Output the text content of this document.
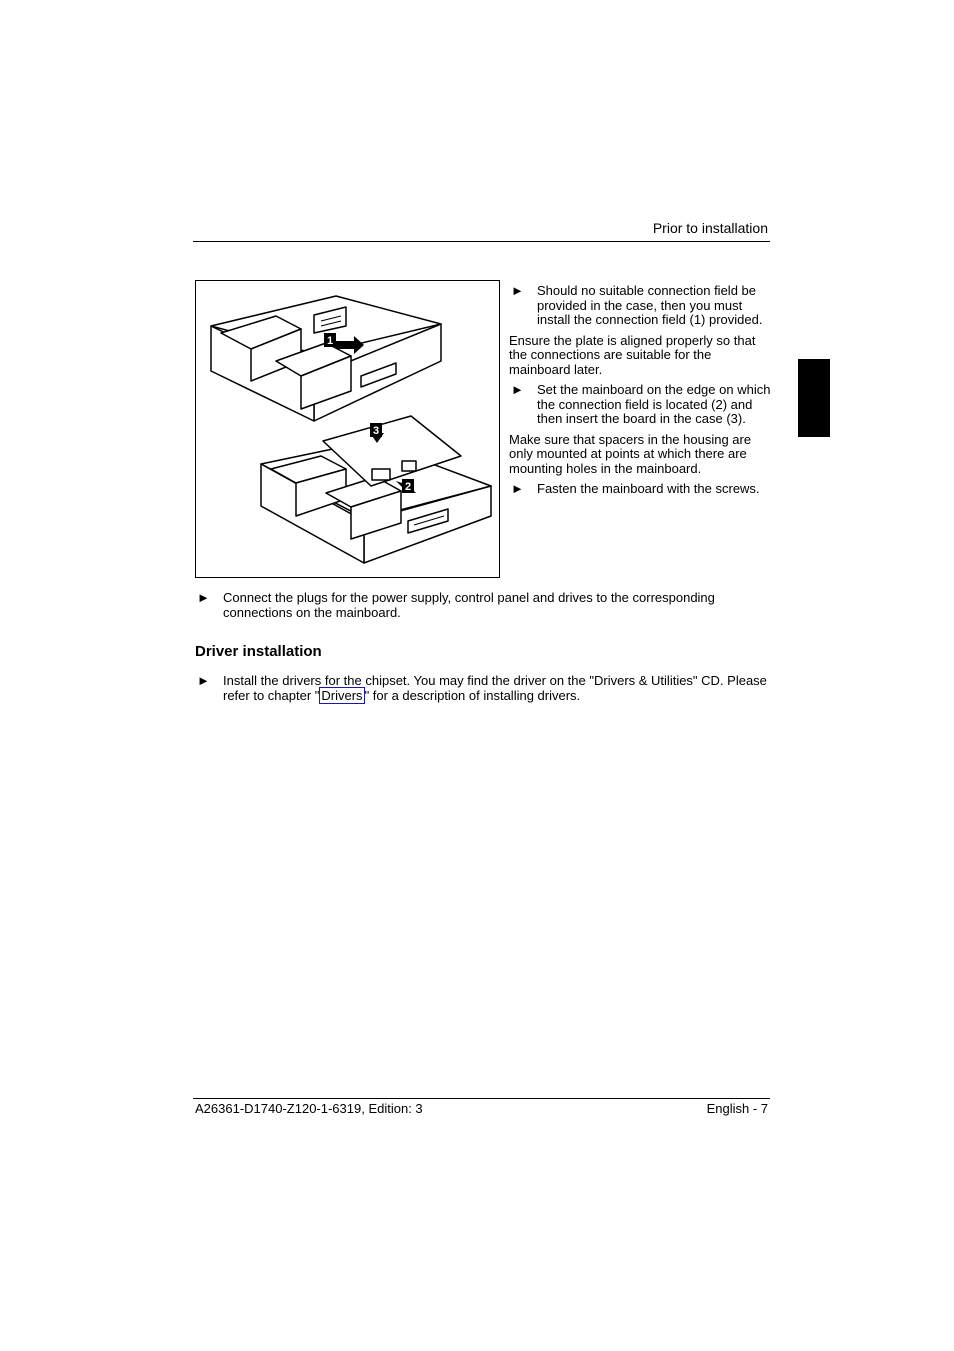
Prior to installation
1
3
2
► Should no suitable connection field be provided in the case, then you must install the connection field (1) provided.

Ensure the plate is aligned properly so that the connections are suitable for the mainboard later.

► Set the mainboard on the edge on which the connection field is located (2) and then insert the board in the case (3).

Make sure that spacers in the housing are only mounted at points at which there are mounting holes in the mainboard.

► Fasten the mainboard with the screws.
► Connect the plugs for the power supply, control panel and drives to the corresponding connections on the mainboard.
Driver installation
► Install the drivers for the chipset. You may find the driver on the "Drivers & Utilities" CD. Please refer to chapter " Drivers " for a description of installing drivers.
A26361-D1740-Z120-1-6319, Edition: 3	English - 7
